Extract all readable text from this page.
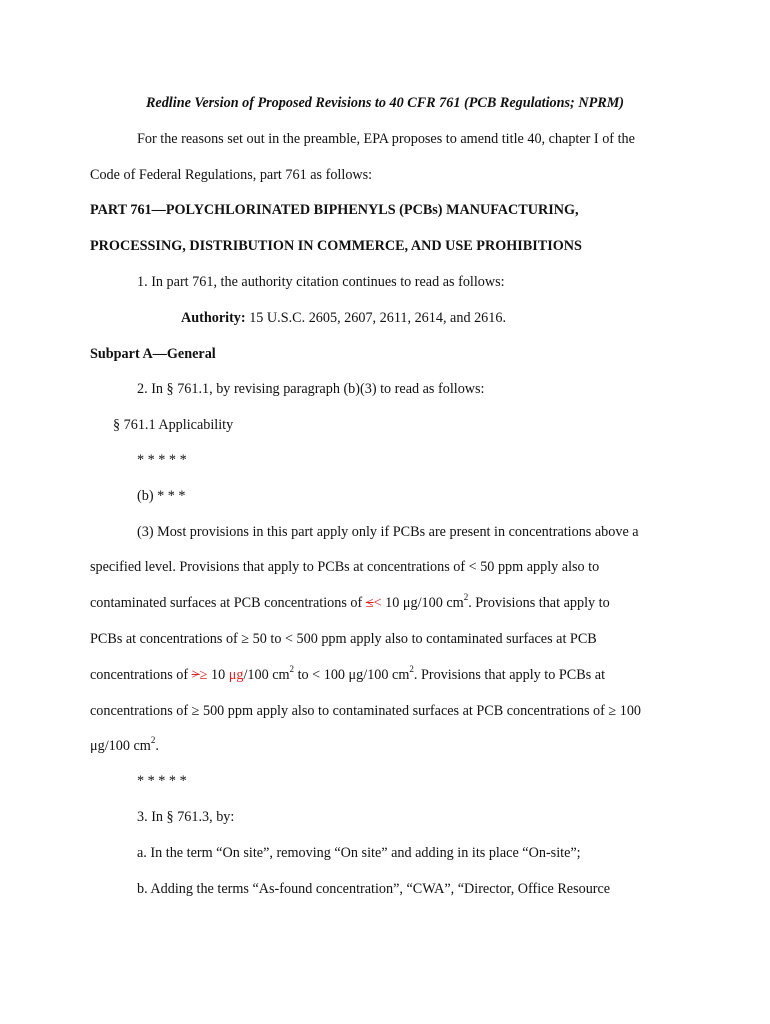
Redline Version of Proposed Revisions to 40 CFR 761 (PCB Regulations; NPRM)
For the reasons set out in the preamble, EPA proposes to amend title 40, chapter I of the
Code of Federal Regulations, part 761 as follows:
PART 761—POLYCHLORINATED BIPHENYLS (PCBs) MANUFACTURING,
PROCESSING, DISTRIBUTION IN COMMERCE, AND USE PROHIBITIONS
1. In part 761, the authority citation continues to read as follows:
Authority: 15 U.S.C. 2605, 2607, 2611, 2614, and 2616.
Subpart A—General
2. In § 761.1, by revising paragraph (b)(3) to read as follows:
§ 761.1 Applicability
* * * * *
(b) * * *
(3) Most provisions in this part apply only if PCBs are present in concentrations above a
specified level. Provisions that apply to PCBs at concentrations of < 50 ppm apply also to
contaminated surfaces at PCB concentrations of ≤< 10 μg/100 $cm^2$. Provisions that apply to
PCBs at concentrations of ≥ 50 to < 500 ppm apply also to contaminated surfaces at PCB
concentrations of >≥ 10 μg/100 $cm^2$ to < 100 μg/100 $cm^2$. Provisions that apply to PCBs at
concentrations of ≥ 500 ppm apply also to contaminated surfaces at PCB concentrations of ≥ 100
μg/100 $cm^2$.
* * * * *
3. In § 761.3, by:
a. In the term “On site”, removing “On site” and adding in its place “On-site”;
b. Adding the terms “As-found concentration”, “CWA”, “Director, Office Resource
